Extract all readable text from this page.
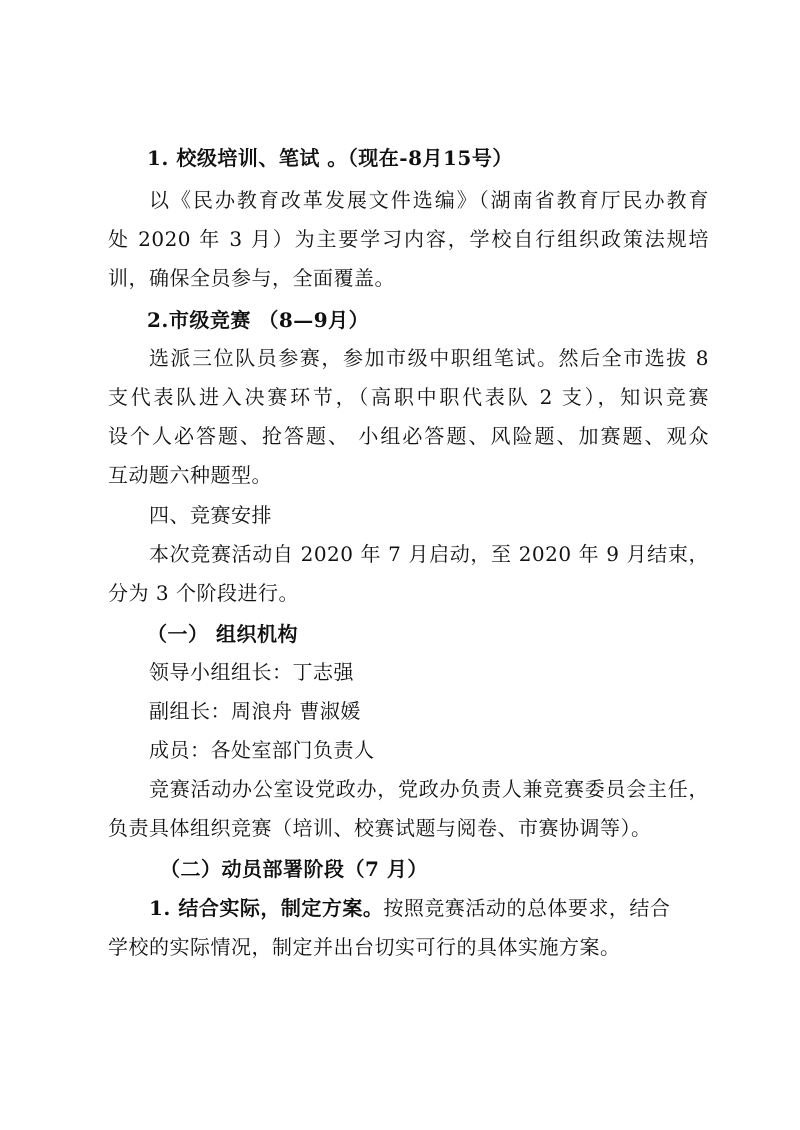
1. 校级培训、笔试 。（现在-8月15号）
以《民办教育改革发展文件选编》（湖南省教育厅民办教育
处 2020 年 3 月）为主要学习内容，学校自行组织政策法规培
训，确保全员参与，全面覆盖。
2.市级竞赛 （8—9月）
选派三位队员参赛，参加市级中职组笔试。然后全市选拔 8
支代表队进入决赛环节，（高职中职代表队 2 支），知识竞赛
设个人必答题、抢答题、 小组必答题、风险题、加赛题、观众
互动题六种题型。
四、竞赛安排
本次竞赛活动自 2020 年 7 月启动，至 2020 年 9 月结束，
分为 3 个阶段进行。
（一） 组织机构
领导小组组长：丁志强
副组长：周浪舟 曹淑媛
成员：各处室部门负责人
竞赛活动办公室设党政办，党政办负责人兼竞赛委员会主任，
负责具体组织竞赛（培训、校赛试题与阅卷、市赛协调等）。
（二）动员部署阶段（7 月）
1. 结合实际，制定方案。按照竞赛活动的总体要求，结合
学校的实际情况，制定并出台切实可行的具体实施方案。
